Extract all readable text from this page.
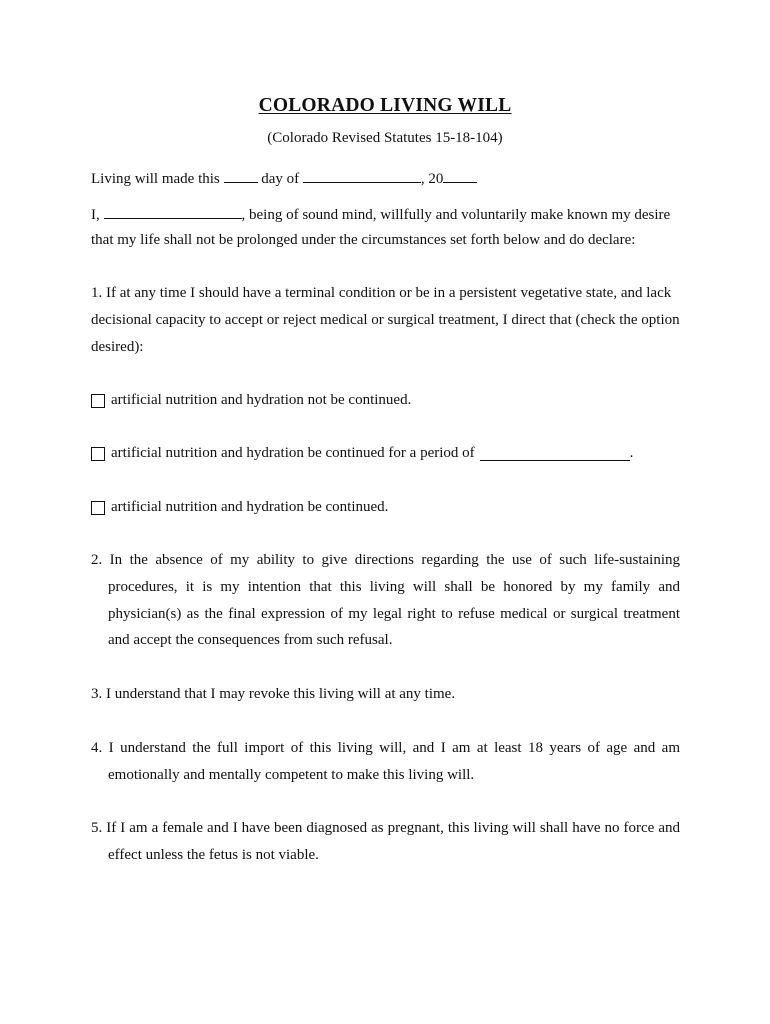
COLORADO LIVING WILL
(Colorado Revised Statutes 15-18-104)
Living will made this	day of	, 20
I,	, being of sound mind, willfully and voluntarily make known my desire
that my life shall not be prolonged under the circumstances set forth below and do declare:

1. If at any time I should have a terminal condition or be in a persistent vegetative state, and lack decisional capacity to accept or reject medical or surgical treatment, I direct that (check the option desired):

artificial nutrition and hydration not be continued.
artificial nutrition and hydration be continued for a period of	.
artificial nutrition and hydration be continued.

2. In the absence of my ability to give directions regarding the use of such life-sustaining procedures, it is my intention that this living will shall be honored by my family and physician(s) as the final expression of my legal right to refuse medical or surgical treatment and accept the consequences from such refusal.

3. I understand that I may revoke this living will at any time.

4. I understand the full import of this living will, and I am at least 18 years of age and am emotionally and mentally competent to make this living will.

5. If I am a female and I have been diagnosed as pregnant, this living will shall have no force and effect unless the fetus is not viable.
